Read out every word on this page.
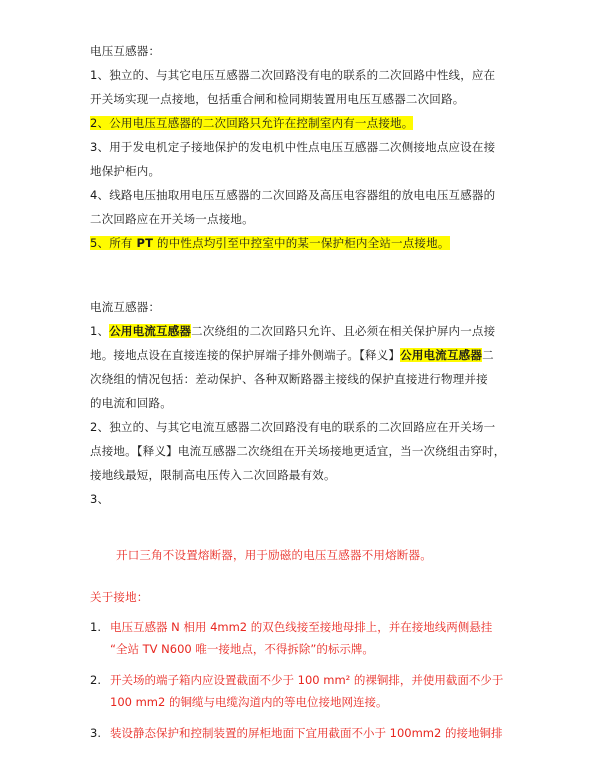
电压互感器：
1、独立的、与其它电压互感器二次回路没有电的联系的二次回路中性线，应在
开关场实现一点接地，包括重合闸和检同期装置用电压互感器二次回路。
2、公用电压互感器的二次回路只允许在控制室内有一点接地。
3、用于发电机定子接地保护的发电机中性点电压互感器二次侧接地点应设在接
地保护柜内。
4、线路电压抽取用电压互感器的二次回路及高压电容器组的放电电压互感器的
二次回路应在开关场一点接地。
5、所有 PT 的中性点均引至中控室中的某一保护柜内全站一点接地。
电流互感器：
1、公用电流互感器二次绕组的二次回路只允许、且必须在相关保护屏内一点接
地。接地点设在直接连接的保护屏端子排外侧端子。【释义】公用电流互感器二
次绕组的情况包括：差动保护、各种双断路器主接线的保护直接进行物理并接
的电流和回路。
2、独立的、与其它电流互感器二次回路没有电的联系的二次回路应在开关场一
点接地。【释义】电流互感器二次绕组在开关场接地更适宜，当一次绕组击穿时，
接地线最短，限制高电压传入二次回路最有效。
3、
开口三角不设置熔断器，用于励磁的电压互感器不用熔断器。
关于接地：
1. 电压互感器 N 相用 4mm2 的双色线接至接地母排上，并在接地线两侧悬挂
“全站 TV N600 唯一接地点，不得拆除”的标示牌。
2. 开关场的端子箱内应设置截面不少于 100 mm² 的裸铜排，并使用截面不少于
100 mm2 的铜缆与电缆沟道内的等电位接地网连接。
3. 装设静态保护和控制装置的屏柜地面下宜用截面不小于 100mm2 的接地铜排
